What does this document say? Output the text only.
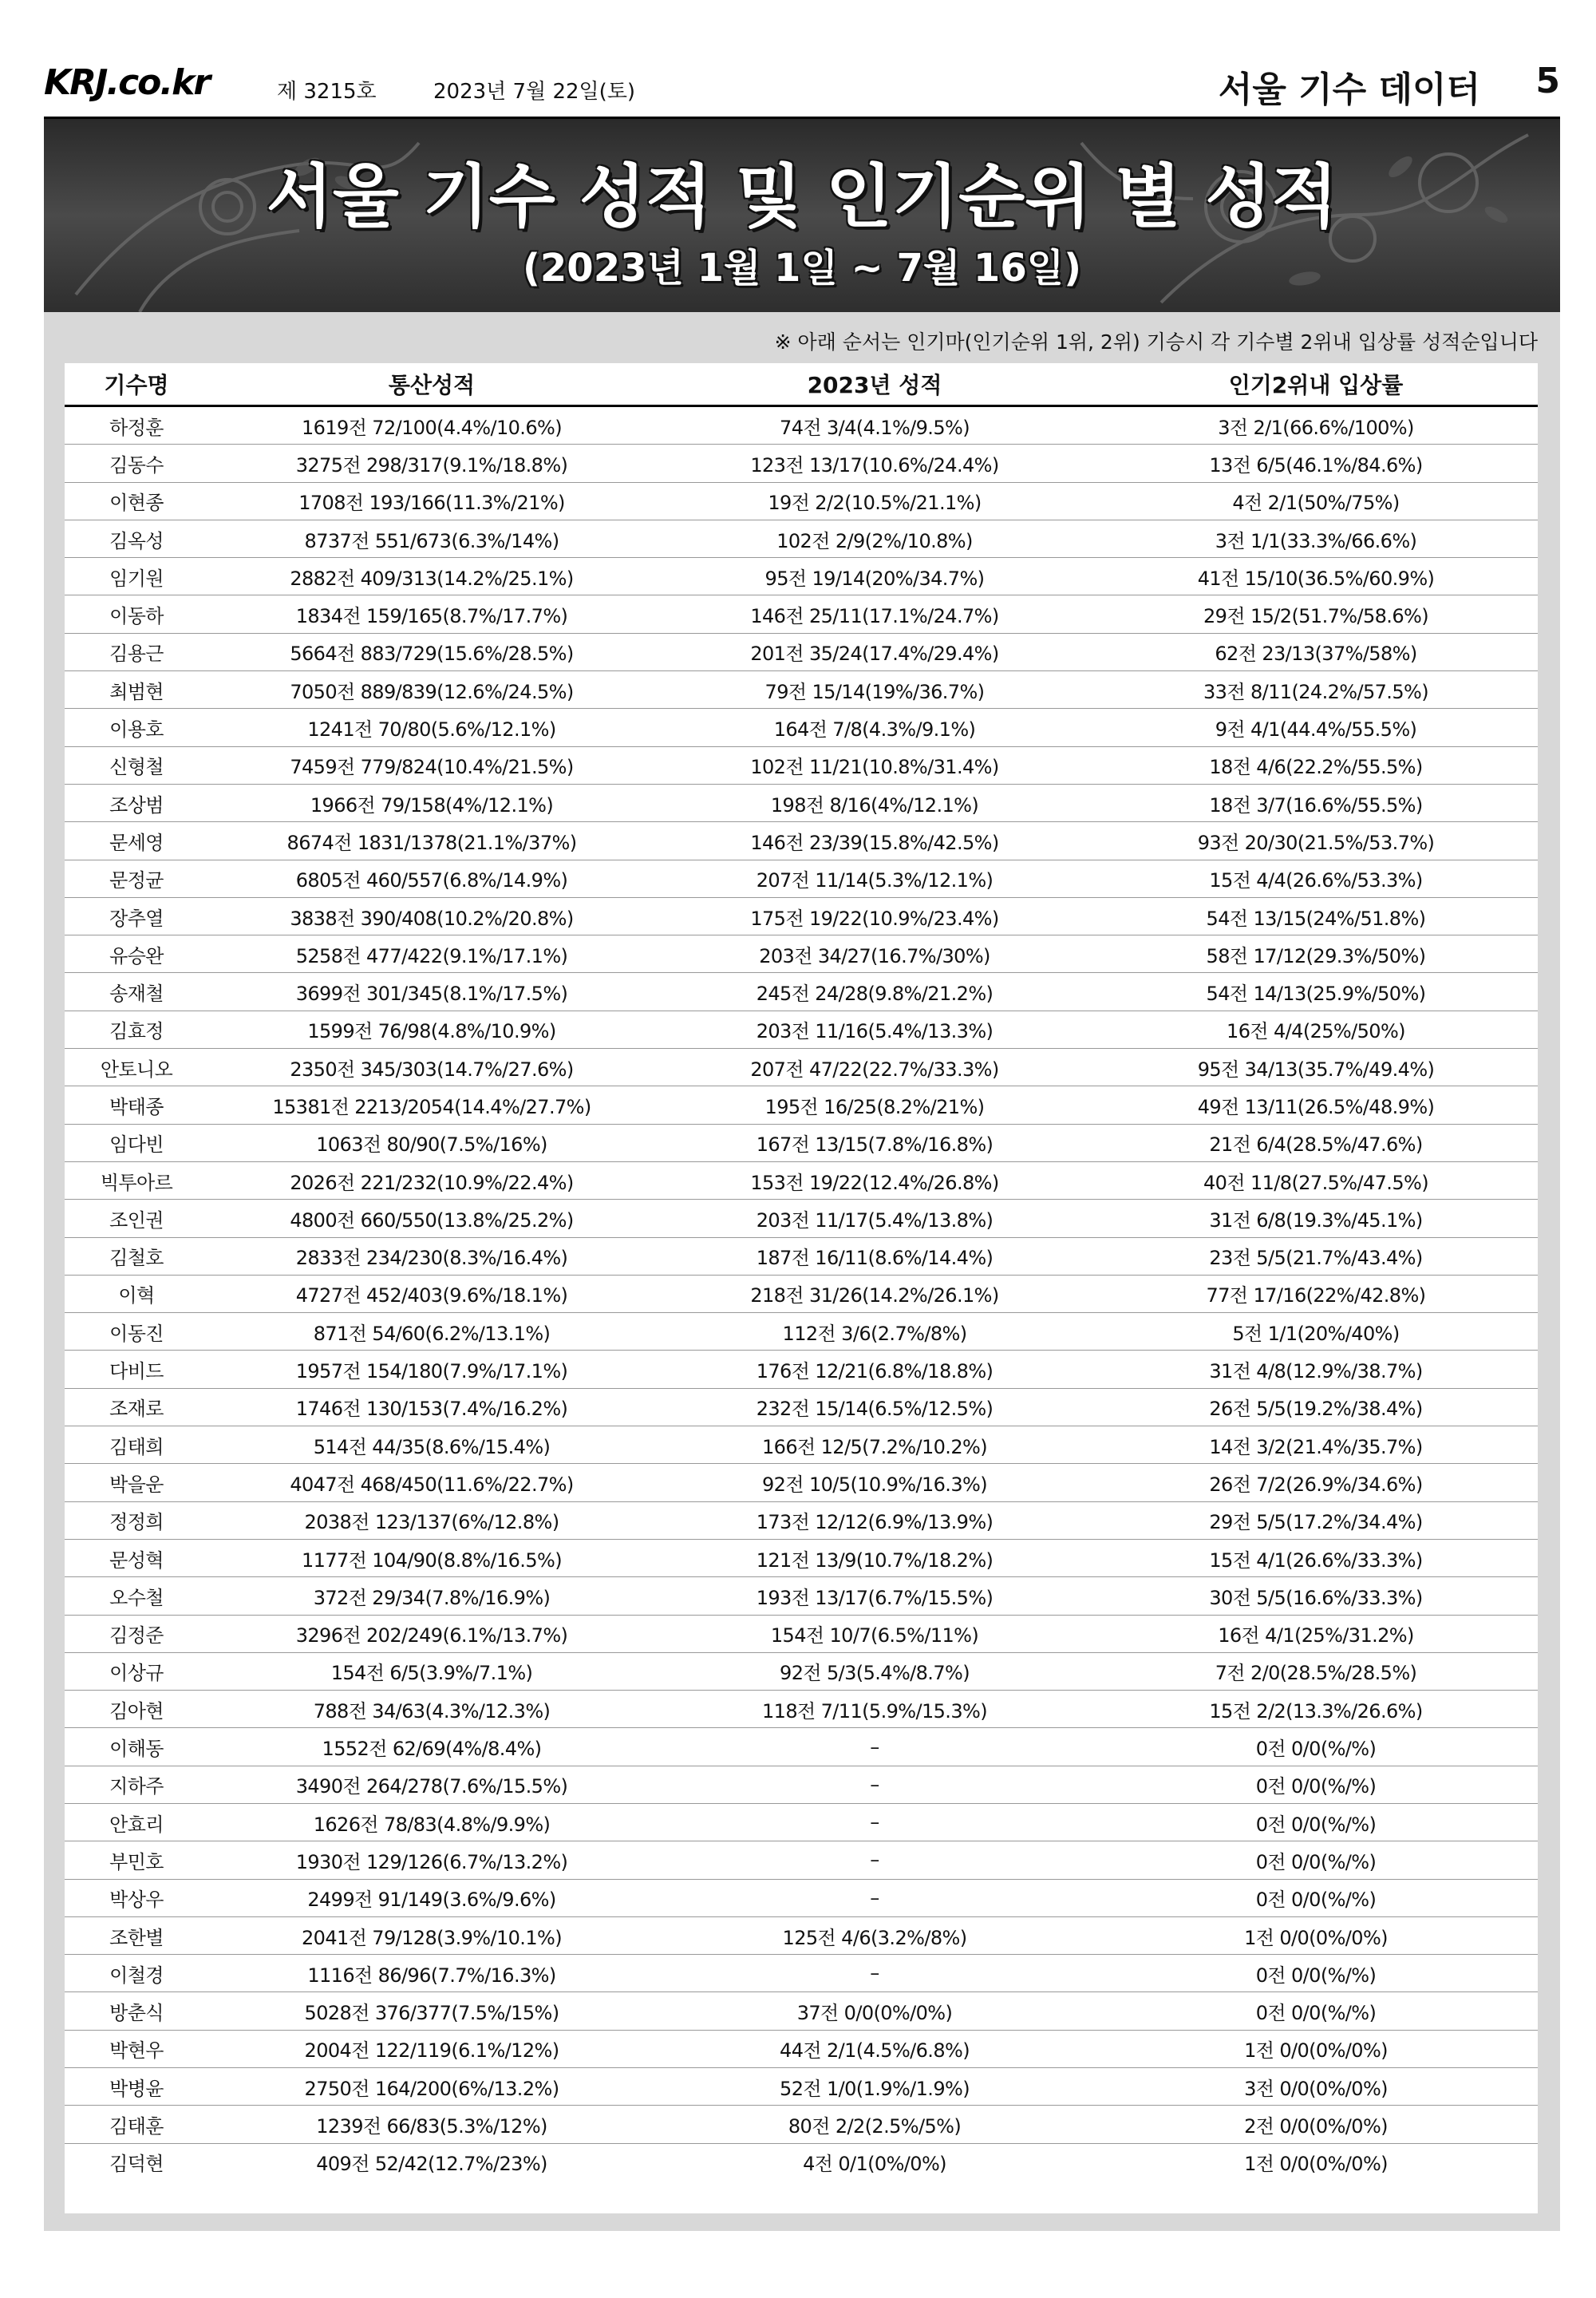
KRJ.co.kr	제 3215호	2023년 7월 22일(토)	서울 기수 데이터 5
서울 기수 성적 및 인기순위 별 성적
(2023년 1월 1일 ~ 7월 16일)
※ 아래 순서는 인기마(인기순위 1위, 2위) 기승시 각 기수별 2위내 입상률 성적순입니다
기수명	통산성적	2023년 성적	인기2위내 입상률
하정훈	1619전 72/100(4.4%/10.6%)	74전 3/4(4.1%/9.5%)	3전 2/1(66.6%/100%)
김동수	3275전 298/317(9.1%/18.8%)	123전 13/17(10.6%/24.4%)	13전 6/5(46.1%/84.6%)
이현종	1708전 193/166(11.3%/21%)	19전 2/2(10.5%/21.1%)	4전 2/1(50%/75%)
김옥성	8737전 551/673(6.3%/14%)	102전 2/9(2%/10.8%)	3전 1/1(33.3%/66.6%)
임기원	2882전 409/313(14.2%/25.1%)	95전 19/14(20%/34.7%)	41전 15/10(36.5%/60.9%)
이동하	1834전 159/165(8.7%/17.7%)	146전 25/11(17.1%/24.7%)	29전 15/2(51.7%/58.6%)
김용근	5664전 883/729(15.6%/28.5%)	201전 35/24(17.4%/29.4%)	62전 23/13(37%/58%)
최범현	7050전 889/839(12.6%/24.5%)	79전 15/14(19%/36.7%)	33전 8/11(24.2%/57.5%)
이용호	1241전 70/80(5.6%/12.1%)	164전 7/8(4.3%/9.1%)	9전 4/1(44.4%/55.5%)
신형철	7459전 779/824(10.4%/21.5%)	102전 11/21(10.8%/31.4%)	18전 4/6(22.2%/55.5%)
조상범	1966전 79/158(4%/12.1%)	198전 8/16(4%/12.1%)	18전 3/7(16.6%/55.5%)
문세영	8674전 1831/1378(21.1%/37%)	146전 23/39(15.8%/42.5%)	93전 20/30(21.5%/53.7%)
문정균	6805전 460/557(6.8%/14.9%)	207전 11/14(5.3%/12.1%)	15전 4/4(26.6%/53.3%)
장추열	3838전 390/408(10.2%/20.8%)	175전 19/22(10.9%/23.4%)	54전 13/15(24%/51.8%)
유승완	5258전 477/422(9.1%/17.1%)	203전 34/27(16.7%/30%)	58전 17/12(29.3%/50%)
송재철	3699전 301/345(8.1%/17.5%)	245전 24/28(9.8%/21.2%)	54전 14/13(25.9%/50%)
김효정	1599전 76/98(4.8%/10.9%)	203전 11/16(5.4%/13.3%)	16전 4/4(25%/50%)
안토니오	2350전 345/303(14.7%/27.6%)	207전 47/22(22.7%/33.3%)	95전 34/13(35.7%/49.4%)
박태종	15381전 2213/2054(14.4%/27.7%)	195전 16/25(8.2%/21%)	49전 13/11(26.5%/48.9%)
임다빈	1063전 80/90(7.5%/16%)	167전 13/15(7.8%/16.8%)	21전 6/4(28.5%/47.6%)
빅투아르	2026전 221/232(10.9%/22.4%)	153전 19/22(12.4%/26.8%)	40전 11/8(27.5%/47.5%)
조인권	4800전 660/550(13.8%/25.2%)	203전 11/17(5.4%/13.8%)	31전 6/8(19.3%/45.1%)
김철호	2833전 234/230(8.3%/16.4%)	187전 16/11(8.6%/14.4%)	23전 5/5(21.7%/43.4%)
이혁	4727전 452/403(9.6%/18.1%)	218전 31/26(14.2%/26.1%)	77전 17/16(22%/42.8%)
이동진	871전 54/60(6.2%/13.1%)	112전 3/6(2.7%/8%)	5전 1/1(20%/40%)
다비드	1957전 154/180(7.9%/17.1%)	176전 12/21(6.8%/18.8%)	31전 4/8(12.9%/38.7%)
조재로	1746전 130/153(7.4%/16.2%)	232전 15/14(6.5%/12.5%)	26전 5/5(19.2%/38.4%)
김태희	514전 44/35(8.6%/15.4%)	166전 12/5(7.2%/10.2%)	14전 3/2(21.4%/35.7%)
박을운	4047전 468/450(11.6%/22.7%)	92전 10/5(10.9%/16.3%)	26전 7/2(26.9%/34.6%)
정정희	2038전 123/137(6%/12.8%)	173전 12/12(6.9%/13.9%)	29전 5/5(17.2%/34.4%)
문성혁	1177전 104/90(8.8%/16.5%)	121전 13/9(10.7%/18.2%)	15전 4/1(26.6%/33.3%)
오수철	372전 29/34(7.8%/16.9%)	193전 13/17(6.7%/15.5%)	30전 5/5(16.6%/33.3%)
김정준	3296전 202/249(6.1%/13.7%)	154전 10/7(6.5%/11%)	16전 4/1(25%/31.2%)
이상규	154전 6/5(3.9%/7.1%)	92전 5/3(5.4%/8.7%)	7전 2/0(28.5%/28.5%)
김아현	788전 34/63(4.3%/12.3%)	118전 7/11(5.9%/15.3%)	15전 2/2(13.3%/26.6%)
이해동	1552전 62/69(4%/8.4%)	–	0전 0/0(%/%)
지하주	3490전 264/278(7.6%/15.5%)	–	0전 0/0(%/%)
안효리	1626전 78/83(4.8%/9.9%)	–	0전 0/0(%/%)
부민호	1930전 129/126(6.7%/13.2%)	–	0전 0/0(%/%)
박상우	2499전 91/149(3.6%/9.6%)	–	0전 0/0(%/%)
조한별	2041전 79/128(3.9%/10.1%)	125전 4/6(3.2%/8%)	1전 0/0(0%/0%)
이철경	1116전 86/96(7.7%/16.3%)	–	0전 0/0(%/%)
방춘식	5028전 376/377(7.5%/15%)	37전 0/0(0%/0%)	0전 0/0(%/%)
박현우	2004전 122/119(6.1%/12%)	44전 2/1(4.5%/6.8%)	1전 0/0(0%/0%)
박병윤	2750전 164/200(6%/13.2%)	52전 1/0(1.9%/1.9%)	3전 0/0(0%/0%)
김태훈	1239전 66/83(5.3%/12%)	80전 2/2(2.5%/5%)	2전 0/0(0%/0%)
김덕현	409전 52/42(12.7%/23%)	4전 0/1(0%/0%)	1전 0/0(0%/0%)
